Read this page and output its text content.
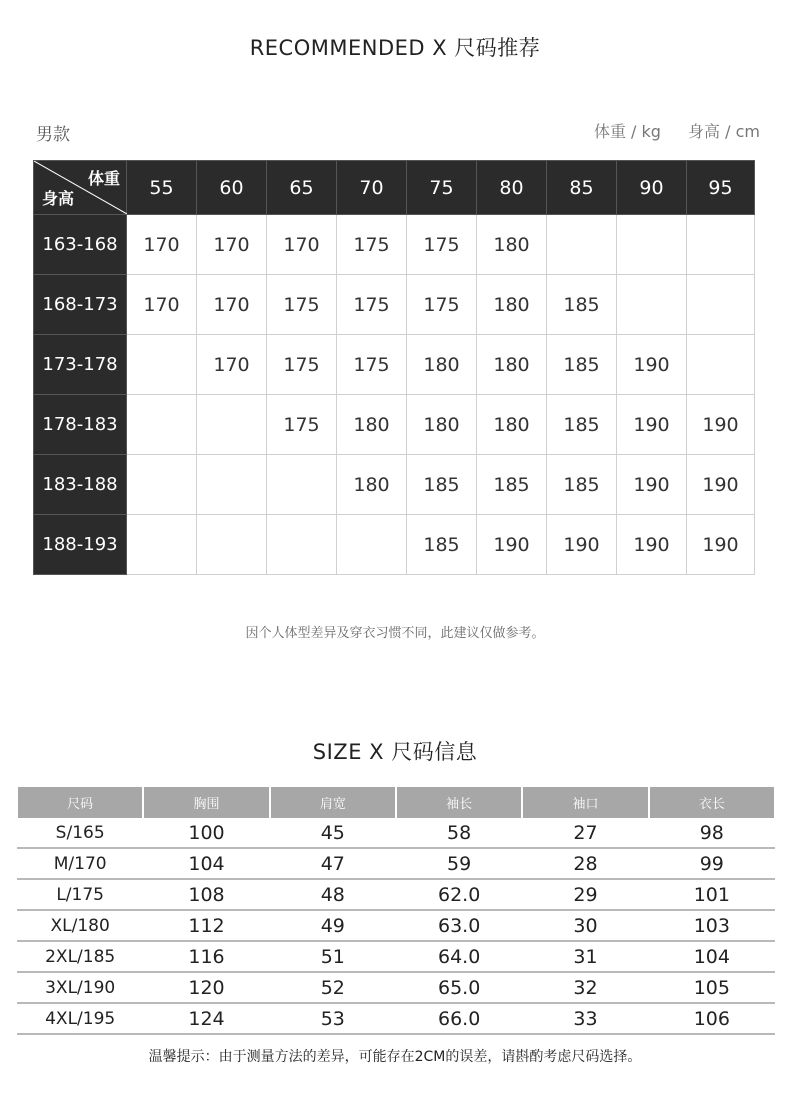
RECOMMENDED X 尺码推荐
男款	体重 / kg 身高 / cm
体重
身高	55	60	65	70	75	80	85	90	95
163-168	170	170	170	175	175	180			
168-173	170	170	175	175	175	180	185		
173-178		170	175	175	180	180	185	190	
178-183			175	180	180	180	185	190	190
183-188				180	185	185	185	190	190
188-193					185	190	190	190	190
因个人体型差异及穿衣习惯不同，此建议仅做参考。
SIZE X 尺码信息
尺码	胸围	肩宽	袖长	袖口	衣长
S/165	100	45	58	27	98
M/170	104	47	59	28	99
L/175	108	48	62.0	29	101
XL/180	112	49	63.0	30	103
2XL/185	116	51	64.0	31	104
3XL/190	120	52	65.0	32	105
4XL/195	124	53	66.0	33	106
温馨提示：由于测量方法的差异，可能存在2CM的误差，请斟酌考虑尺码选择。
